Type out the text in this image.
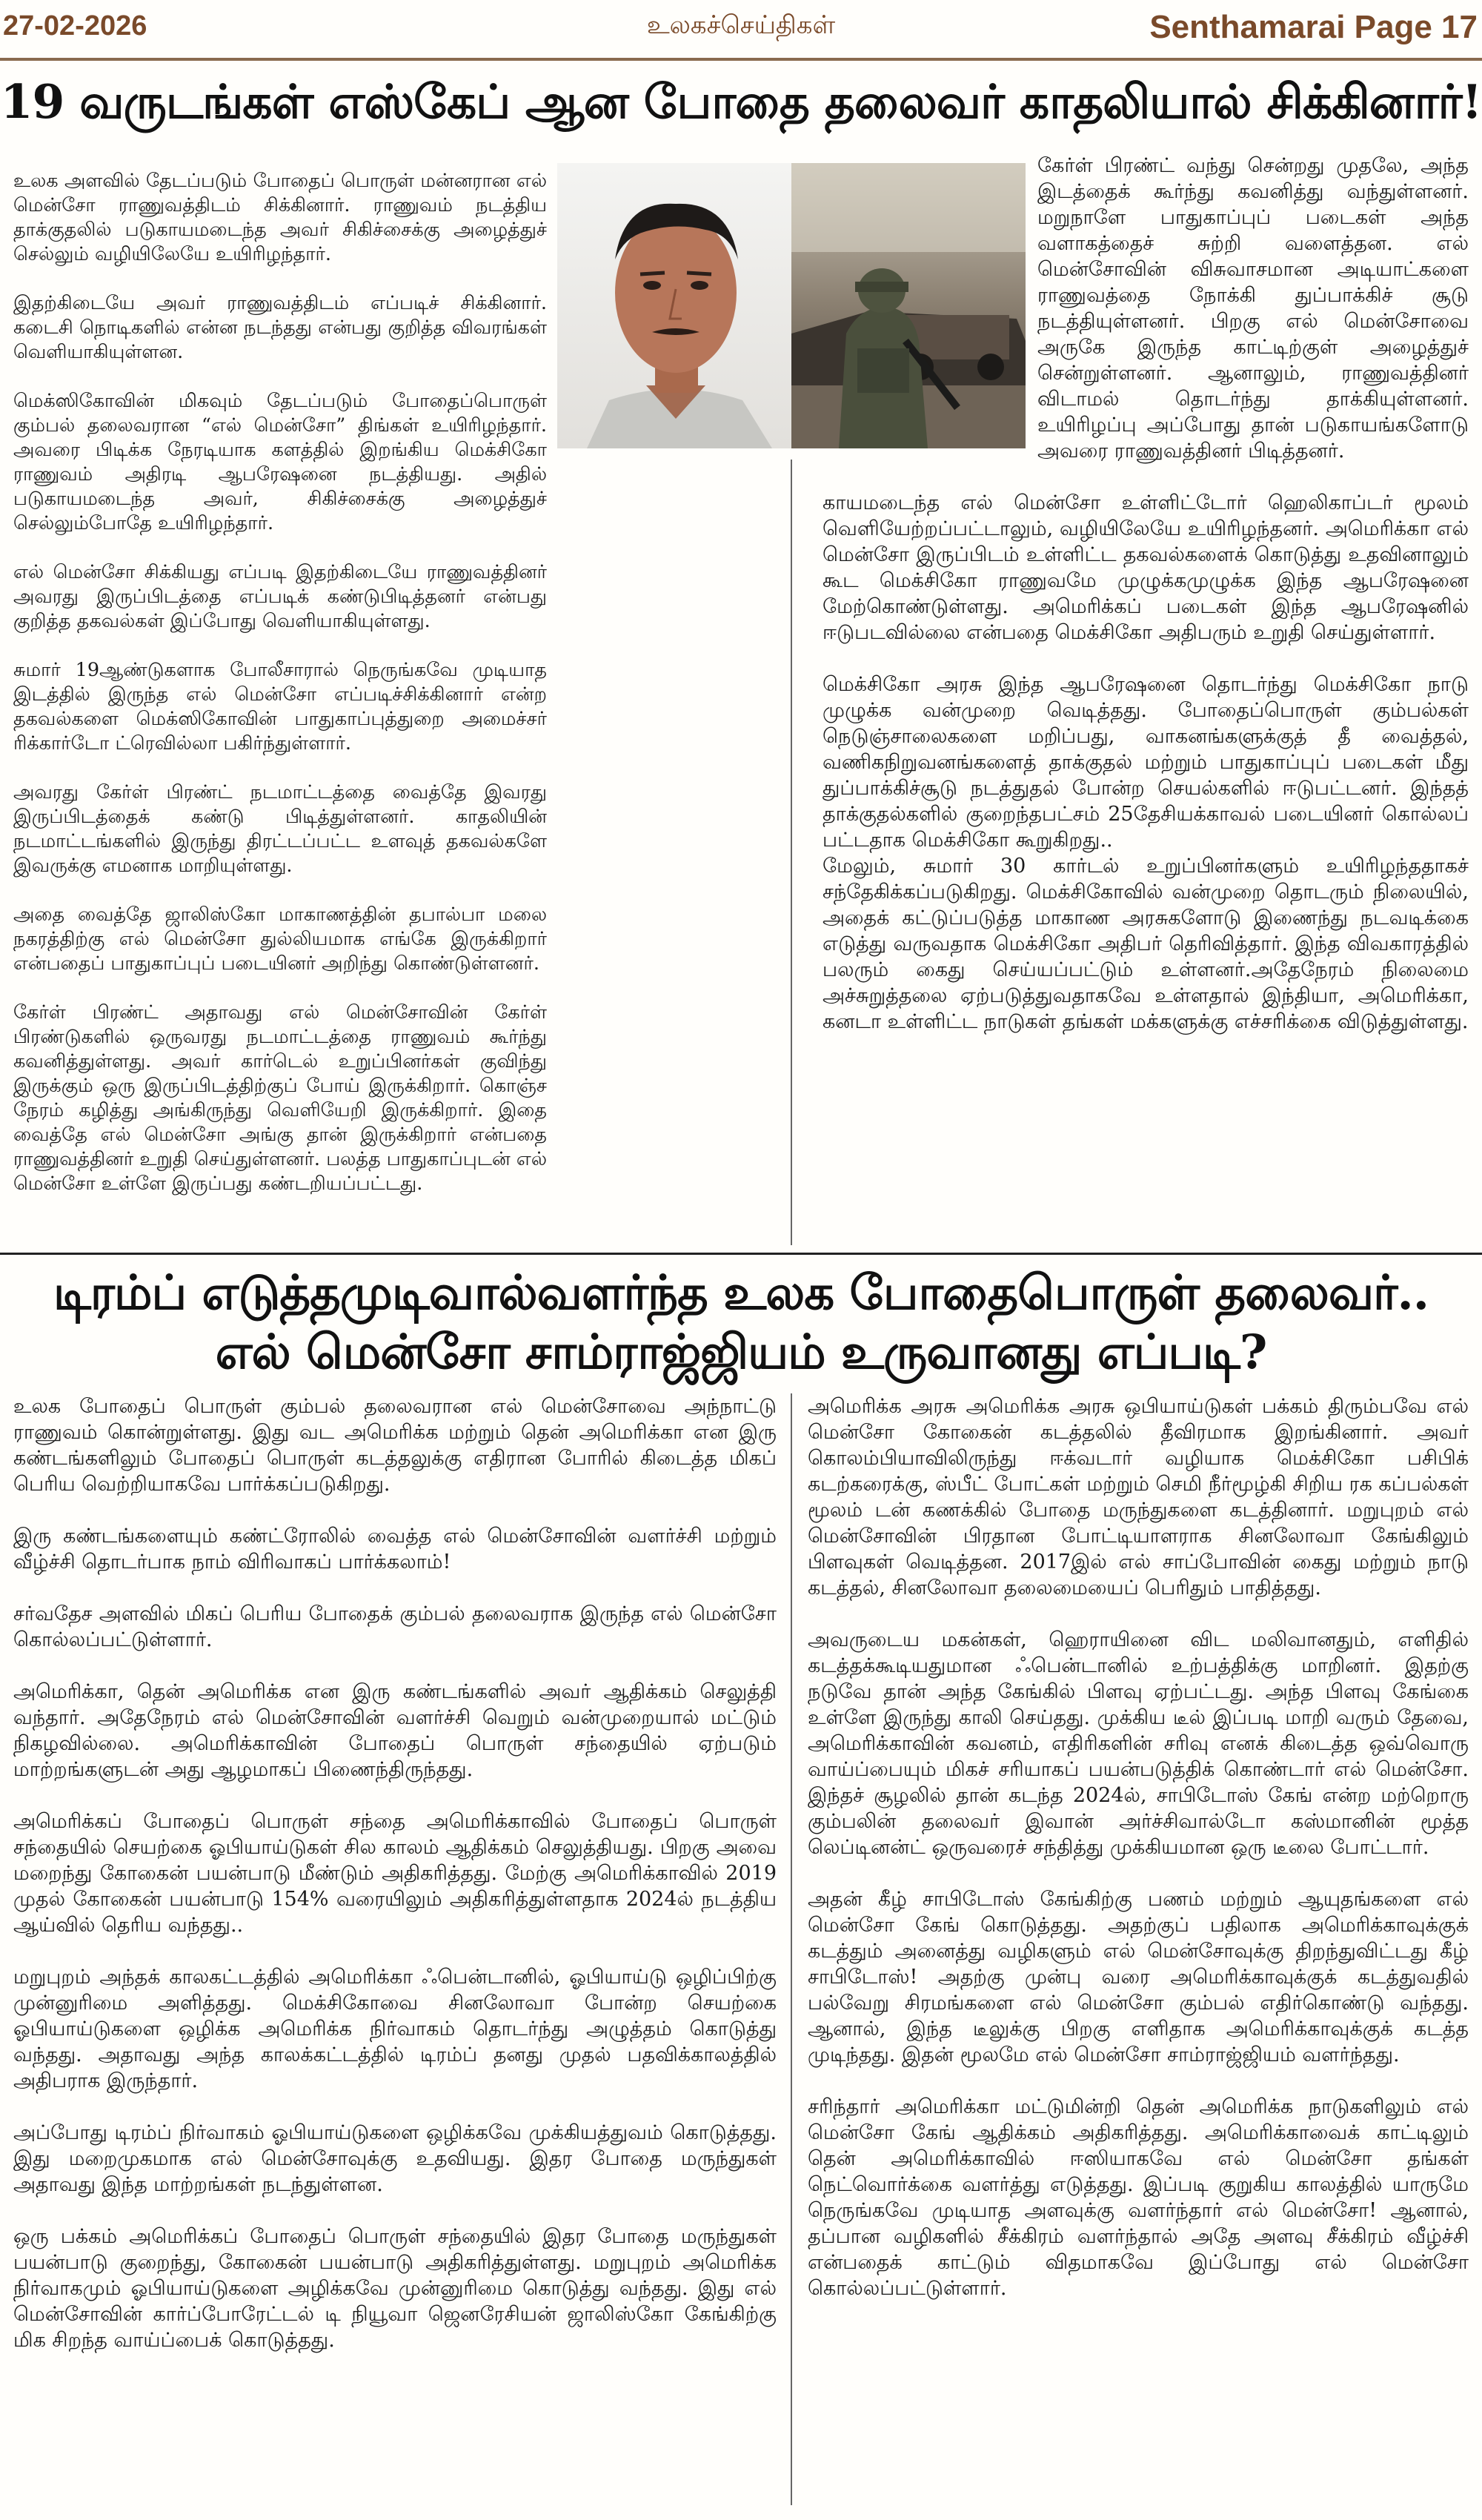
27-02-2026	உலகச்செய்திகள்	Senthamarai Page 17
19 வருடங்கள் எஸ்கேப் ஆன போதை தலைவர் காதலியால் சிக்கினார்!

உலக அளவில் தேடப்படும் போதைப் பொருள் மன்னரான எல் மென்சோ ராணுவத்திடம் சிக்கினார். ராணுவம் நடத்திய தாக்குதலில் படுகாயமடைந்த அவர் சிகிச்சைக்கு அழைத்துச் செல்லும் வழியிலேயே உயிரிழந்தார்.

இதற்கிடையே அவர் ராணுவத்திடம் எப்படிச் சிக்கினார். கடைசி நொடிகளில் என்ன நடந்தது என்பது குறித்த விவரங்கள் வெளியாகியுள்ளன.

மெக்ஸிகோவின் மிகவும் தேடப்படும் போதைப்பொருள் கும்பல் தலைவரான “எல் மென்சோ” திங்கள் உயிரிழந்தார். அவரை பிடிக்க நேரடியாக களத்தில் இறங்கிய மெக்சிகோ ராணுவம் அதிரடி ஆபரேஷனை நடத்தியது. அதில் படுகாயமடைந்த அவர், சிகிச்சைக்கு அழைத்துச் செல்லும்போதே உயிரிழந்தார்.

எல் மென்சோ சிக்கியது எப்படி இதற்கிடையே ராணுவத்தினர் அவரது இருப்பிடத்தை எப்படிக் கண்டுபிடித்தனர் என்பது குறித்த தகவல்கள் இப்போது வெளியாகியுள்ளது.

சுமார் 19ஆண்டுகளாக போலீசாரால் நெருங்கவே முடியாத இடத்தில் இருந்த எல் மென்சோ எப்படிச்சிக்கினார் என்ற தகவல்களை மெக்ஸிகோவின் பாதுகாப்புத்துறை அமைச்சர் ரிக்கார்டோ ட்ரெவில்லா பகிர்ந்துள்ளார்.

அவரது கேர்ள் பிரண்ட் நடமாட்டத்தை வைத்தே இவரது இருப்பிடத்தைக் கண்டு பிடித்துள்ளனர். காதலியின் நடமாட்டங்களில் இருந்து திரட்டப்பட்ட உளவுத் தகவல்களே இவருக்கு எமனாக மாறியுள்ளது.

அதை வைத்தே ஜாலிஸ்கோ மாகாணத்தின் தபால்பா மலை நகரத்திற்கு எல் மென்சோ துல்லியமாக எங்கே இருக்கிறார் என்பதைப் பாதுகாப்புப் படையினர் அறிந்து கொண்டுள்ளனர்.

கேர்ள் பிரண்ட் அதாவது எல் மென்சோவின் கேர்ள் பிரண்டுகளில் ஒருவரது நடமாட்டத்தை ராணுவம் கூர்ந்து கவனித்துள்ளது. அவர் கார்டெல் உறுப்பினர்கள் குவிந்து இருக்கும் ஒரு இருப்பிடத்திற்குப் போய் இருக்கிறார். கொஞ்ச நேரம் கழித்து அங்கிருந்து வெளியேறி இருக்கிறார். இதை வைத்தே எல் மென்சோ அங்கு தான் இருக்கிறார் என்பதை ராணுவத்தினர் உறுதி செய்துள்ளனர். பலத்த பாதுகாப்புடன் எல் மென்சோ உள்ளே இருப்பது கண்டறியப்பட்டது.

கேர்ள் பிரண்ட் வந்து சென்றது முதலே, அந்த இடத்தைக் கூர்ந்து கவனித்து வந்துள்ளனர். மறுநாளே பாதுகாப்புப் படைகள் அந்த வளாகத்தைச் சுற்றி வளைத்தன. எல் மென்சோவின் விசுவாசமான அடியாட்களை ராணுவத்தை நோக்கி துப்பாக்கிச் சூடு நடத்தியுள்ளனர். பிறகு எல் மென்சோவை அருகே இருந்த காட்டிற்குள் அழைத்துச் சென்றுள்ளனர். ஆனாலும், ராணுவத்தினர் விடாமல் தொடர்ந்து தாக்கியுள்ளனர். உயிரிழப்பு அப்போது தான் படுகாயங்களோடு அவரை ராணுவத்தினர் பிடித்தனர்.

காயமடைந்த எல் மென்சோ உள்ளிட்டோர் ஹெலிகாப்டர் மூலம் வெளியேற்றப்பட்டாலும், வழியிலேயே உயிரிழந்தனர். அமெரிக்கா எல் மென்சோ இருப்பிடம் உள்ளிட்ட தகவல்களைக் கொடுத்து உதவினாலும் கூட மெக்சிகோ ராணுவமே முழுக்கமுழுக்க இந்த ஆபரேஷனை மேற்கொண்டுள்ளது. அமெரிக்கப் படைகள் இந்த ஆபரேஷனில் ஈடுபடவில்லை என்பதை மெக்சிகோ அதிபரும் உறுதி செய்துள்ளார்.

மெக்சிகோ அரசு இந்த ஆபரேஷனை தொடர்ந்து மெக்சிகோ நாடு முழுக்க வன்முறை வெடித்தது. போதைப்பொருள் கும்பல்கள் நெடுஞ்சாலைகளை மறிப்பது, வாகனங்களுக்குத் தீ வைத்தல், வணிகநிறுவனங்களைத் தாக்குதல் மற்றும் பாதுகாப்புப் படைகள் மீது துப்பாக்கிச்சூடு நடத்துதல் போன்ற செயல்களில் ஈடுபட்டனர். இந்தத் தாக்குதல்களில் குறைந்தபட்சம் 25தேசியக்காவல் படையினர் கொல்லப் பட்டதாக மெக்சிகோ கூறுகிறது..

மேலும், சுமார் 30 கார்டல் உறுப்பினர்களும் உயிரிழந்ததாகச் சந்தேகிக்கப்படுகிறது. மெக்சிகோவில் வன்முறை தொடரும் நிலையில், அதைக் கட்டுப்படுத்த மாகாண அரசுகளோடு இணைந்து நடவடிக்கை எடுத்து வருவதாக மெக்சிகோ அதிபர் தெரிவித்தார். இந்த விவகாரத்தில் பலரும் கைது செய்யப்பட்டும் உள்ளனர்.அதேநேரம் நிலைமை அச்சுறுத்தலை ஏற்படுத்துவதாகவே உள்ளதால் இந்தியா, அமெரிக்கா, கனடா உள்ளிட்ட நாடுகள் தங்கள் மக்களுக்கு எச்சரிக்கை விடுத்துள்ளது.

டிரம்ப் எடுத்தமுடிவால்வளர்ந்த உலக போதைபொருள் தலைவர்..
எல் மென்சோ சாம்ராஜ்ஜியம் உருவானது எப்படி?

உலக போதைப் பொருள் கும்பல் தலைவரான எல் மென்சோவை அந்நாட்டு ராணுவம் கொன்றுள்ளது. இது வட அமெரிக்க மற்றும் தென் அமெரிக்கா என இரு கண்டங்களிலும் போதைப் பொருள் கடத்தலுக்கு எதிரான போரில் கிடைத்த மிகப் பெரிய வெற்றியாகவே பார்க்கப்படுகிறது.

இரு கண்டங்களையும் கண்ட்ரோலில் வைத்த எல் மென்சோவின் வளர்ச்சி மற்றும் வீழ்ச்சி தொடர்பாக நாம் விரிவாகப் பார்க்கலாம்!

சர்வதேச அளவில் மிகப் பெரிய போதைக் கும்பல் தலைவராக இருந்த எல் மென்சோ கொல்லப்பட்டுள்ளார்.

அமெரிக்கா, தென் அமெரிக்க என இரு கண்டங்களில் அவர் ஆதிக்கம் செலுத்தி வந்தார். அதேநேரம் எல் மென்சோவின் வளர்ச்சி வெறும் வன்முறையால் மட்டும் நிகழவில்லை. அமெரிக்காவின் போதைப் பொருள் சந்தையில் ஏற்படும் மாற்றங்களுடன் அது ஆழமாகப் பிணைந்திருந்தது.

அமெரிக்கப் போதைப் பொருள் சந்தை அமெரிக்காவில் போதைப் பொருள் சந்தையில் செயற்கை ஓபியாய்டுகள் சில காலம் ஆதிக்கம் செலுத்தியது. பிறகு அவை மறைந்து கோகைன் பயன்பாடு மீண்டும் அதிகரித்தது. மேற்கு அமெரிக்காவில் 2019 முதல் கோகைன் பயன்பாடு 154% வரையிலும் அதிகரித்துள்ளதாக 2024ல் நடத்திய ஆய்வில் தெரிய வந்தது..

மறுபுறம் அந்தக் காலகட்டத்தில் அமெரிக்கா ஃபென்டானில், ஓபியாய்டு ஒழிப்பிற்கு முன்னுரிமை அளித்தது. மெக்சிகோவை சினலோவா போன்ற செயற்கை ஓபியாய்டுகளை ஒழிக்க அமெரிக்க நிர்வாகம் தொடர்ந்து அழுத்தம் கொடுத்து வந்தது. அதாவது அந்த காலக்கட்டத்தில் டிரம்ப் தனது முதல் பதவிக்காலத்தில் அதிபராக இருந்தார்.

அப்போது டிரம்ப் நிர்வாகம் ஓபியாய்டுகளை ஒழிக்கவே முக்கியத்துவம் கொடுத்தது. இது மறைமுகமாக எல் மென்சோவுக்கு உதவியது. இதர போதை மருந்துகள் அதாவது இந்த மாற்றங்கள் நடந்துள்ளன.

ஒரு பக்கம் அமெரிக்கப் போதைப் பொருள் சந்தையில் இதர போதை மருந்துகள் பயன்பாடு குறைந்து, கோகைன் பயன்பாடு அதிகரித்துள்ளது. மறுபுறம் அமெரிக்க நிர்வாகமும் ஓபியாய்டுகளை அழிக்கவே முன்னுரிமை கொடுத்து வந்தது. இது எல் மென்சோவின் கார்ப்போரேட்டல் டி நியூவா ஜெனரேசியன் ஜாலிஸ்கோ கேங்கிற்கு மிக சிறந்த வாய்ப்பைக் கொடுத்தது.

அமெரிக்க அரசு அமெரிக்க அரசு ஒபியாய்டுகள் பக்கம் திரும்பவே எல் மென்சோ கோகைன் கடத்தலில் தீவிரமாக இறங்கினார். அவர் கொலம்பியாவிலிருந்து ஈக்வடார் வழியாக மெக்சிகோ பசிபிக் கடற்கரைக்கு, ஸ்பீட் போட்கள் மற்றும் செமி நீர்மூழ்கி சிறிய ரக கப்பல்கள் மூலம் டன் கணக்கில் போதை மருந்துகளை கடத்தினார். மறுபுறம் எல் மென்சோவின் பிரதான போட்டியாளராக சினலோவா கேங்கிலும் பிளவுகள் வெடித்தன. 2017இல் எல் சாப்போவின் கைது மற்றும் நாடு கடத்தல், சினலோவா தலைமையைப் பெரிதும் பாதித்தது.

அவருடைய மகன்கள், ஹெராயினை விட மலிவானதும், எளிதில் கடத்தக்கூடியதுமான ஃபென்டானில் உற்பத்திக்கு மாறினர். இதற்கு நடுவே தான் அந்த கேங்கில் பிளவு ஏற்பட்டது. அந்த பிளவு கேங்கை உள்ளே இருந்து காலி செய்தது. முக்கிய டீல் இப்படி மாறி வரும் தேவை, அமெரிக்காவின் கவனம், எதிரிகளின் சரிவு எனக் கிடைத்த ஒவ்வொரு வாய்ப்பையும் மிகச் சரியாகப் பயன்படுத்திக் கொண்டார் எல் மென்சோ. இந்தச் சூழலில் தான் கடந்த 2024ல், சாபிடோஸ் கேங் என்ற மற்றொரு கும்பலின் தலைவர் இவான் அர்ச்சிவால்டோ கஸ்மானின் மூத்த லெப்டினன்ட் ஒருவரைச் சந்தித்து முக்கியமான ஒரு டீலை போட்டார்.

அதன் கீழ் சாபிடோஸ் கேங்கிற்கு பணம் மற்றும் ஆயுதங்களை எல் மென்சோ கேங் கொடுத்தது. அதற்குப் பதிலாக அமெரிக்காவுக்குக் கடத்தும் அனைத்து வழிகளும் எல் மென்சோவுக்கு திறந்துவிட்டது கீழ் சாபிடோஸ்! அதற்கு முன்பு வரை அமெரிக்காவுக்குக் கடத்துவதில் பல்வேறு சிரமங்களை எல் மென்சோ கும்பல் எதிர்கொண்டு வந்தது. ஆனால், இந்த டீலுக்கு பிறகு எளிதாக அமெரிக்காவுக்குக் கடத்த முடிந்தது. இதன் மூலமே எல் மென்சோ சாம்ராஜ்ஜியம் வளர்ந்தது.

சரிந்தார் அமெரிக்கா மட்டுமின்றி தென் அமெரிக்க நாடுகளிலும் எல் மென்சோ கேங் ஆதிக்கம் அதிகரித்தது. அமெரிக்காவைக் காட்டிலும் தென் அமெரிக்காவில் ஈஸியாகவே எல் மென்சோ தங்கள் நெட்வொர்க்கை வளர்த்து எடுத்தது. இப்படி குறுகிய காலத்தில் யாருமே நெருங்கவே முடியாத அளவுக்கு வளர்ந்தார் எல் மென்சோ! ஆனால், தப்பான வழிகளில் சீக்கிரம் வளர்ந்தால் அதே அளவு சீக்கிரம் வீழ்ச்சி என்பதைக் காட்டும் விதமாகவே இப்போது எல் மென்சோ கொல்லப்பட்டுள்ளார்.
